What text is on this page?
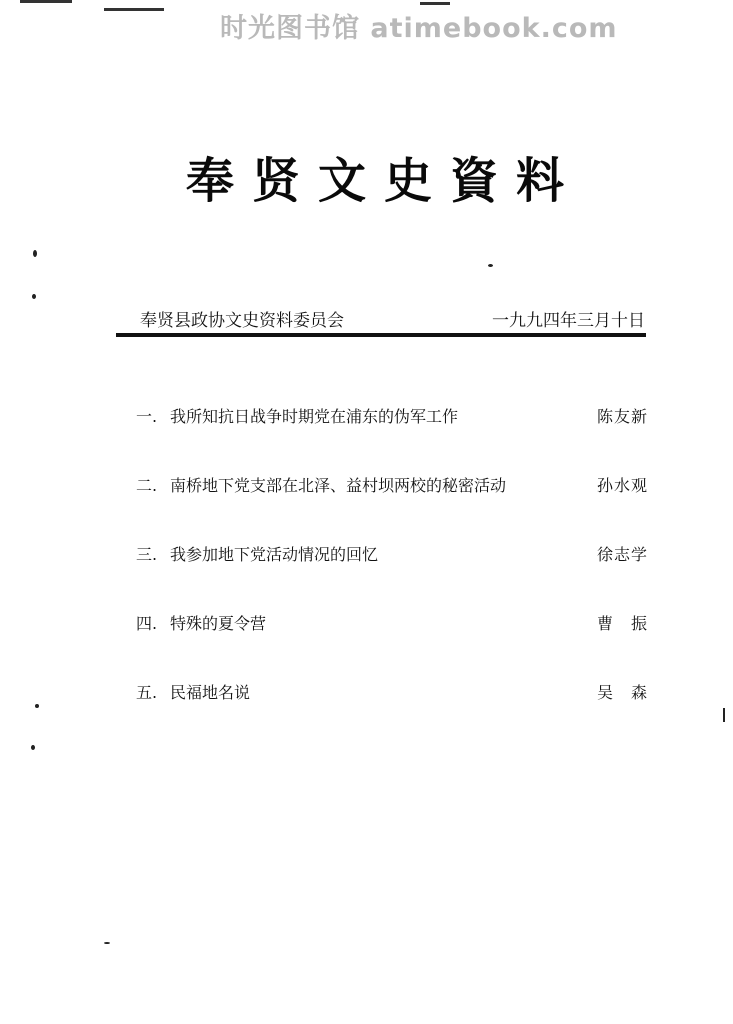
时光图书馆 atimebook.com
奉贤文史資料
奉贤县政协文史资料委员会	一九九四年三月十日
一. 我所知抗日战争时期党在浦东的伪军工作	陈友新
二. 南桥地下党支部在北泽、益村坝两校的秘密活动	孙水观
三. 我参加地下党活动情况的回忆	徐志学
四. 特殊的夏令营	曹　振
五. 民福地名说	吴　森
